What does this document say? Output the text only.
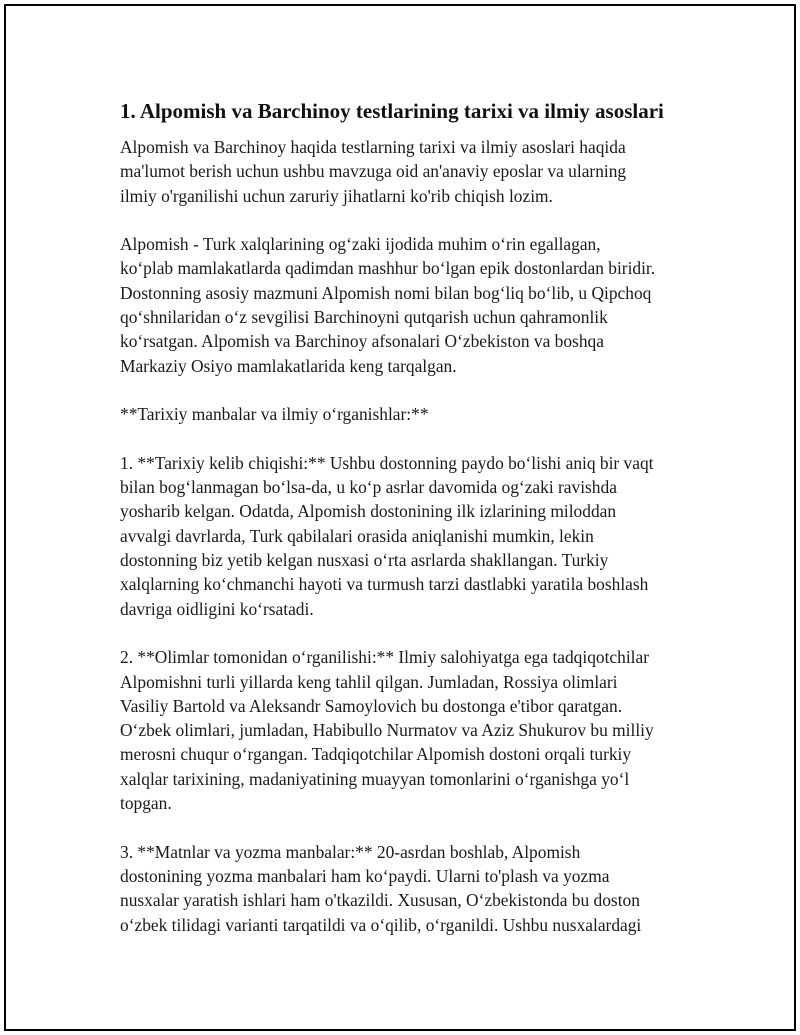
1. Alpomish va Barchinoy testlarining tarixi va ilmiy asoslari

Alpomish va Barchinoy haqida testlarning tarixi va ilmiy asoslari haqida
ma'lumot berish uchun ushbu mavzuga oid an'anaviy eposlar va ularning
ilmiy o'rganilishi uchun zaruriy jihatlarni ko'rib chiqish lozim.

Alpomish - Turk xalqlarining og‘zaki ijodida muhim o‘rin egallagan,
ko‘plab mamlakatlarda qadimdan mashhur bo‘lgan epik dostonlardan biridir.
Dostonning asosiy mazmuni Alpomish nomi bilan bog‘liq bo‘lib, u Qipchoq
qo‘shnilaridan o‘z sevgilisi Barchinoyni qutqarish uchun qahramonlik
ko‘rsatgan. Alpomish va Barchinoy afsonalari O‘zbekiston va boshqa
Markaziy Osiyo mamlakatlarida keng tarqalgan.

**Tarixiy manbalar va ilmiy o‘rganishlar:**

1. **Tarixiy kelib chiqishi:** Ushbu dostonning paydo bo‘lishi aniq bir vaqt
bilan bog‘lanmagan bo‘lsa-da, u ko‘p asrlar davomida og‘zaki ravishda
yosharib kelgan. Odatda, Alpomish dostonining ilk izlarining miloddan
avvalgi davrlarda, Turk qabilalari orasida aniqlanishi mumkin, lekin
dostonning biz yetib kelgan nusxasi o‘rta asrlarda shakllangan. Turkiy
xalqlarning ko‘chmanchi hayoti va turmush tarzi dastlabki yaratila boshlash
davriga oidligini ko‘rsatadi.

2. **Olimlar tomonidan o‘rganilishi:** Ilmiy salohiyatga ega tadqiqotchilar
Alpomishni turli yillarda keng tahlil qilgan. Jumladan, Rossiya olimlari
Vasiliy Bartold va Aleksandr Samoylovich bu dostonga e'tibor qaratgan.
O‘zbek olimlari, jumladan, Habibullo Nurmatov va Aziz Shukurov bu milliy
merosni chuqur o‘rgangan. Tadqiqotchilar Alpomish dostoni orqali turkiy
xalqlar tarixining, madaniyatining muayyan tomonlarini o‘rganishga yo‘l
topgan.

3. **Matnlar va yozma manbalar:** 20-asrdan boshlab, Alpomish
dostonining yozma manbalari ham ko‘paydi. Ularni to'plash va yozma
nusxalar yaratish ishlari ham o'tkazildi. Xususan, O‘zbekistonda bu doston
o‘zbek tilidagi varianti tarqatildi va o‘qilib, o‘rganildi. Ushbu nusxalardagi
